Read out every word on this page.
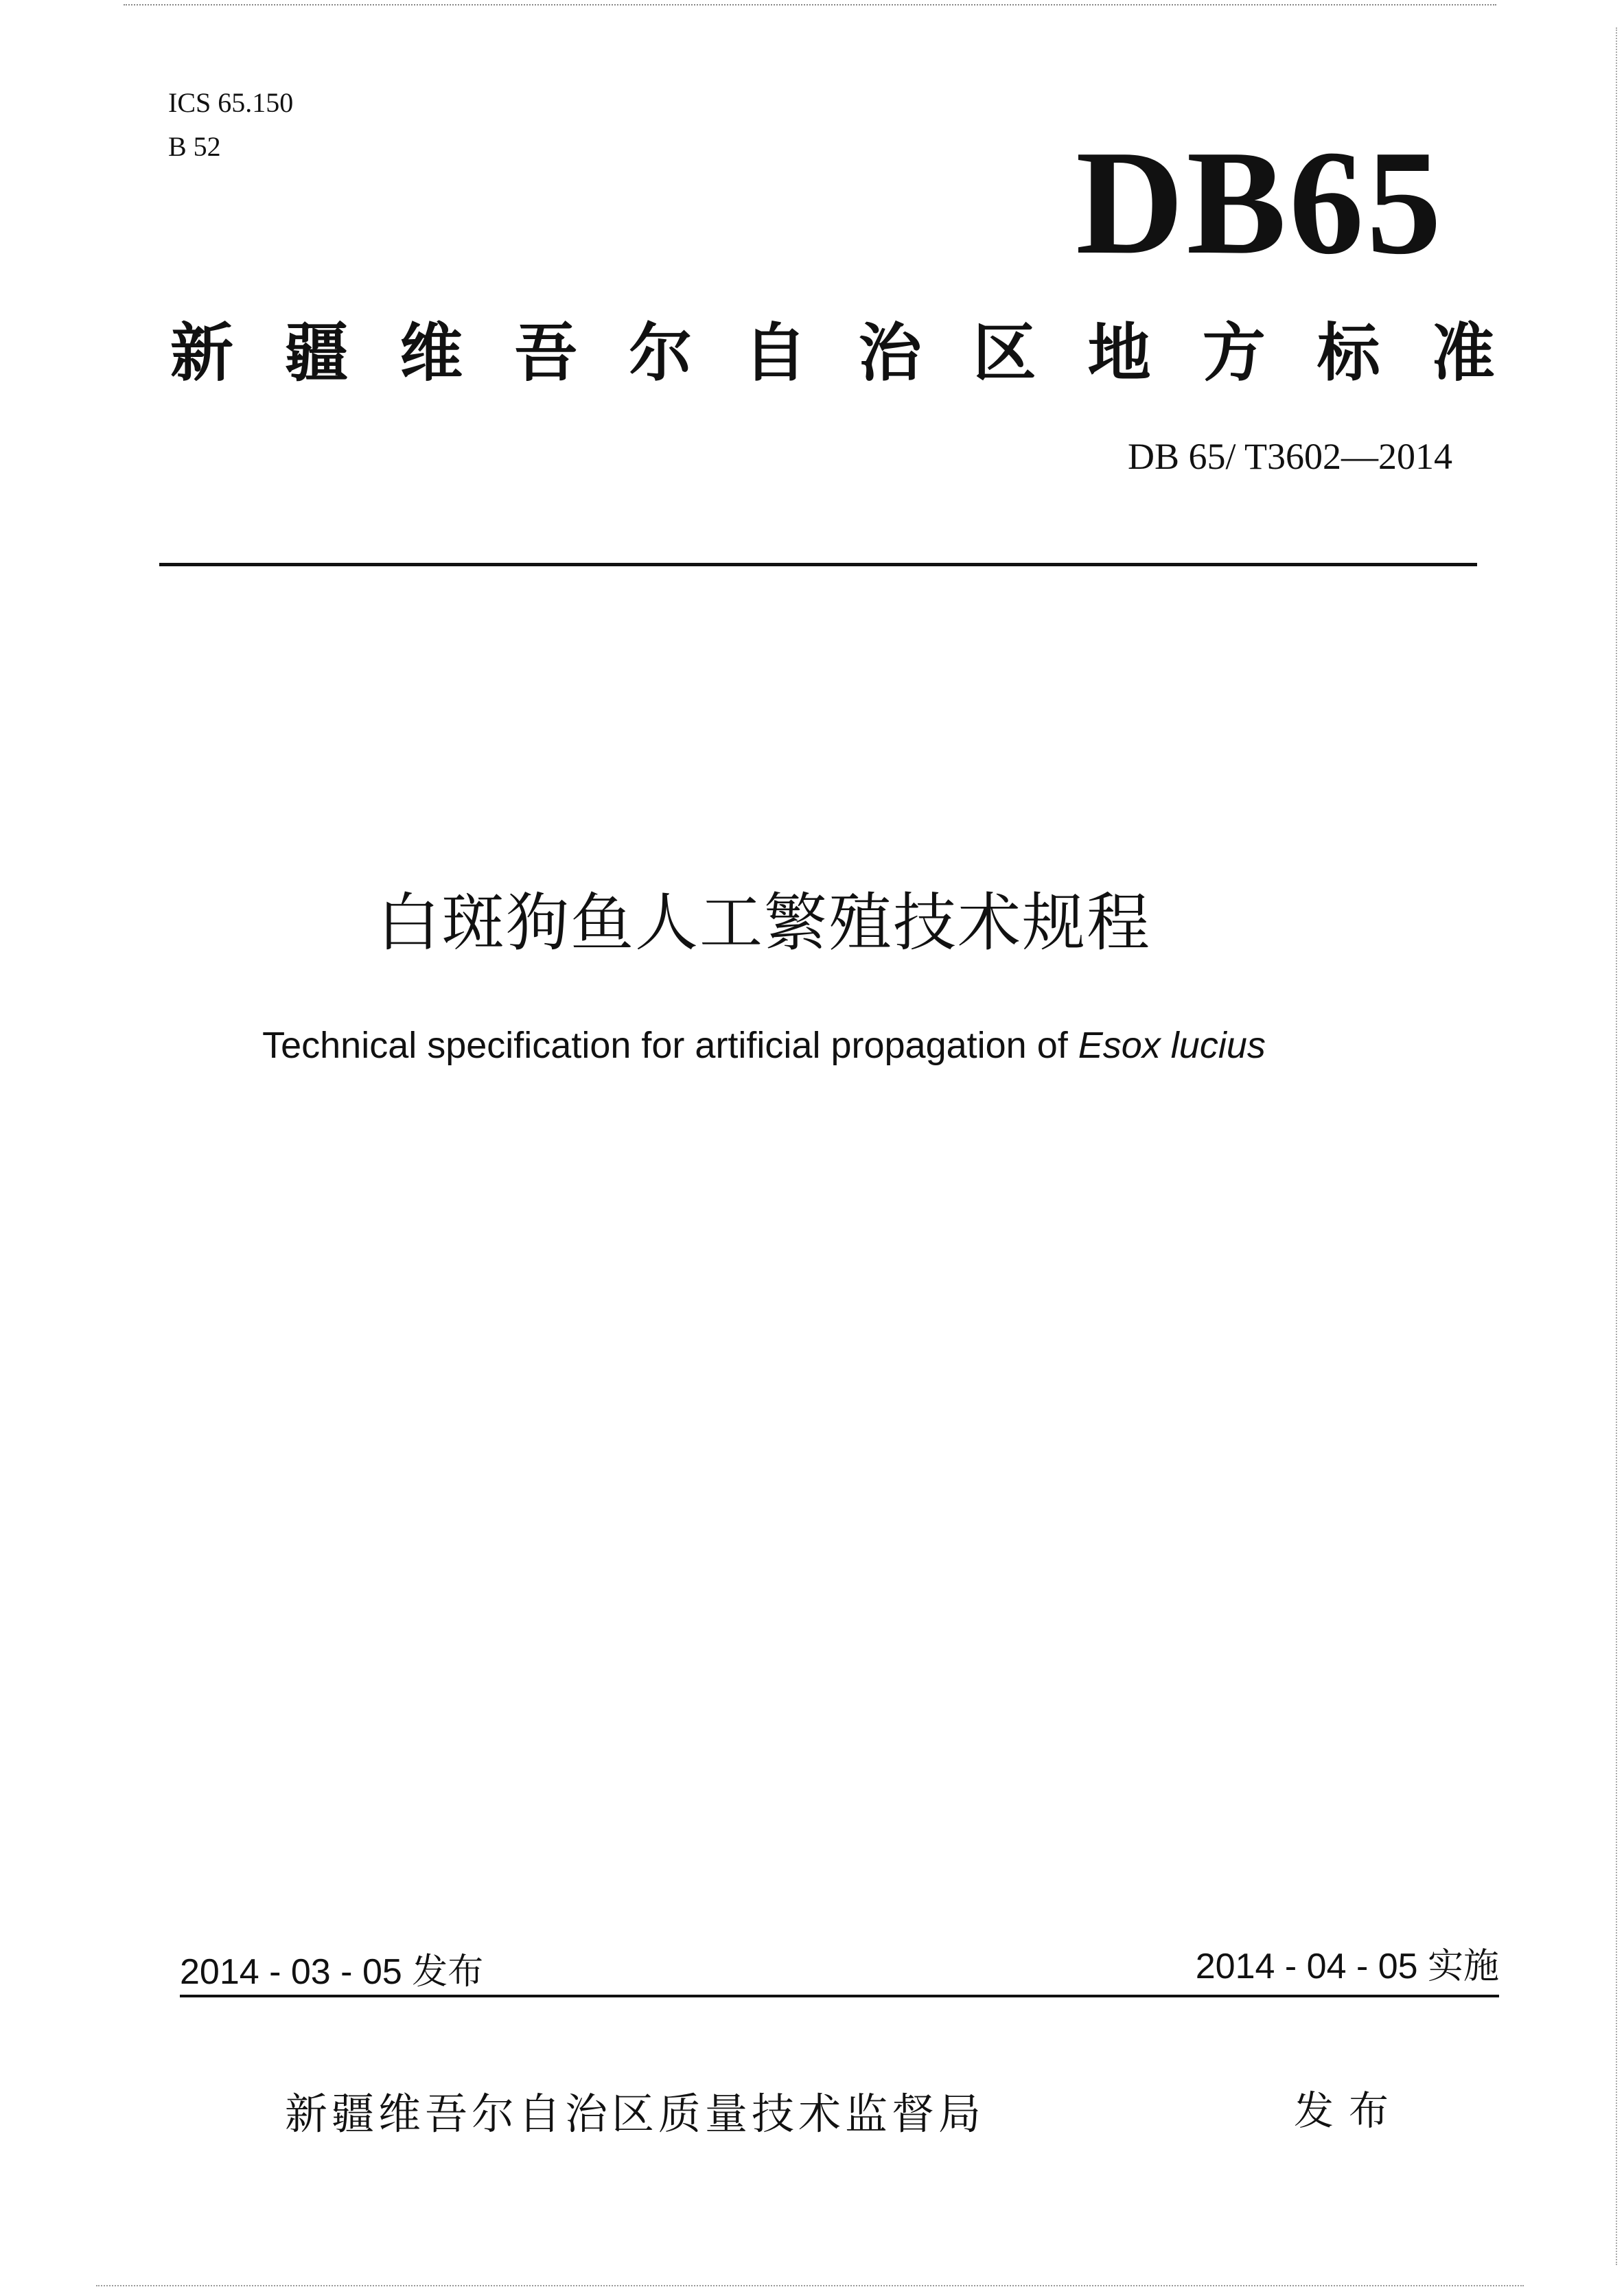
ICS 65.150
B 52	DB65
新 疆 维 吾 尔 自 治 区 地 方 标 准
DB 65/ T3602—2014
白斑狗鱼人工繁殖技术规程
Technical specification for artificial propagation of Esox lucius
2014 - 03 - 05 发布	2014 - 04 - 05 实施
新疆维吾尔自治区质量技术监督局	发布
